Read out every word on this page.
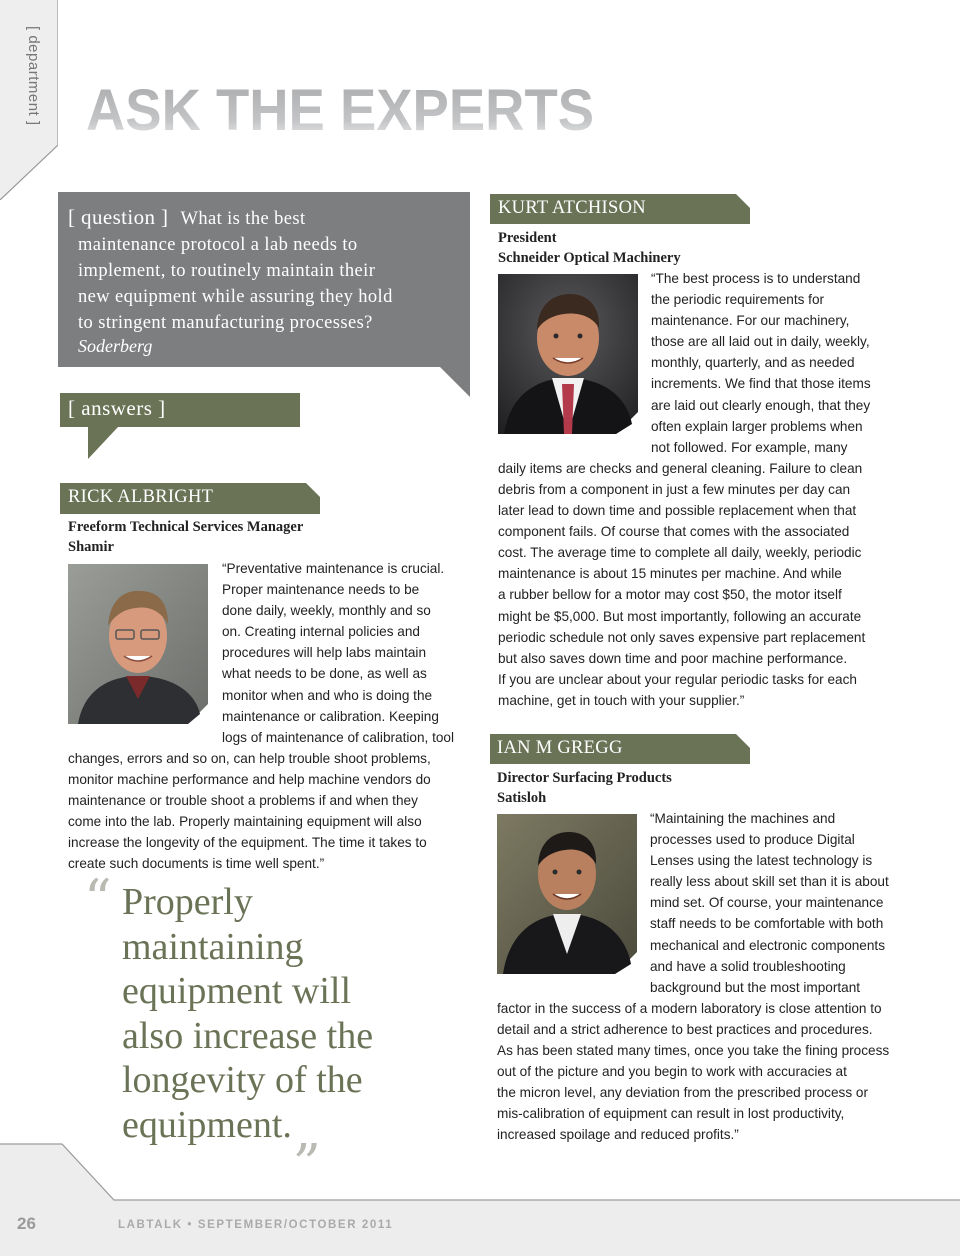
[ department ] ASK THE EXPERTS
[ question ] What is the best
maintenance protocol a lab needs to
implement, to routinely maintain their
new equipment while assuring they hold
to stringent manufacturing processes?
Soderberg
[ answers ]
RICK ALBRIGHT
Freeform Technical Services Manager
Shamir
“Preventative maintenance is crucial.
Proper maintenance needs to be
done daily, weekly, monthly and so
on. Creating internal policies and
procedures will help labs maintain
what needs to be done, as well as
monitor when and who is doing the
maintenance or calibration. Keeping
logs of maintenance of calibration, tool
changes, errors and so on, can help trouble shoot problems,
monitor machine performance and help machine vendors do
maintenance or trouble shoot a problems if and when they
come into the lab. Properly maintaining equipment will also
increase the longevity of the equipment. The time it takes to
create such documents is time well spent.”
KURT ATCHISON
President
Schneider Optical Machinery
“The best process is to understand
the periodic requirements for
maintenance. For our machinery,
those are all laid out in daily, weekly,
monthly, quarterly, and as needed
increments. We find that those items
are laid out clearly enough, that they
often explain larger problems when
not followed. For example, many
daily items are checks and general cleaning. Failure to clean
debris from a component in just a few minutes per day can
later lead to down time and possible replacement when that
component fails. Of course that comes with the associated
cost. The average time to complete all daily, weekly, periodic
maintenance is about 15 minutes per machine. And while
a rubber bellow for a motor may cost $50, the motor itself
might be $5,000. But most importantly, following an accurate
periodic schedule not only saves expensive part replacement
but also saves down time and poor machine performance.
If you are unclear about your regular periodic tasks for each
machine, get in touch with your supplier.”
IAN M GREGG
Director Surfacing Products
Satisloh
“Maintaining the machines and
processes used to produce Digital
Lenses using the latest technology is
really less about skill set than it is about
mind set. Of course, your maintenance
staff needs to be comfortable with both
mechanical and electronic components
and have a solid troubleshooting
background but the most important
factor in the success of a modern laboratory is close attention to
detail and a strict adherence to best practices and procedures.
As has been stated many times, once you take the fining process
out of the picture and you begin to work with accuracies at
the micron level, any deviation from the prescribed process or
mis-calibration of equipment can result in lost productivity,
increased spoilage and reduced profits.”
“ Properly
maintaining
equipment will
also increase the
longevity of the
equipment.„
26	LABTALK • SEPTEMBER/OCTOBER 2011
